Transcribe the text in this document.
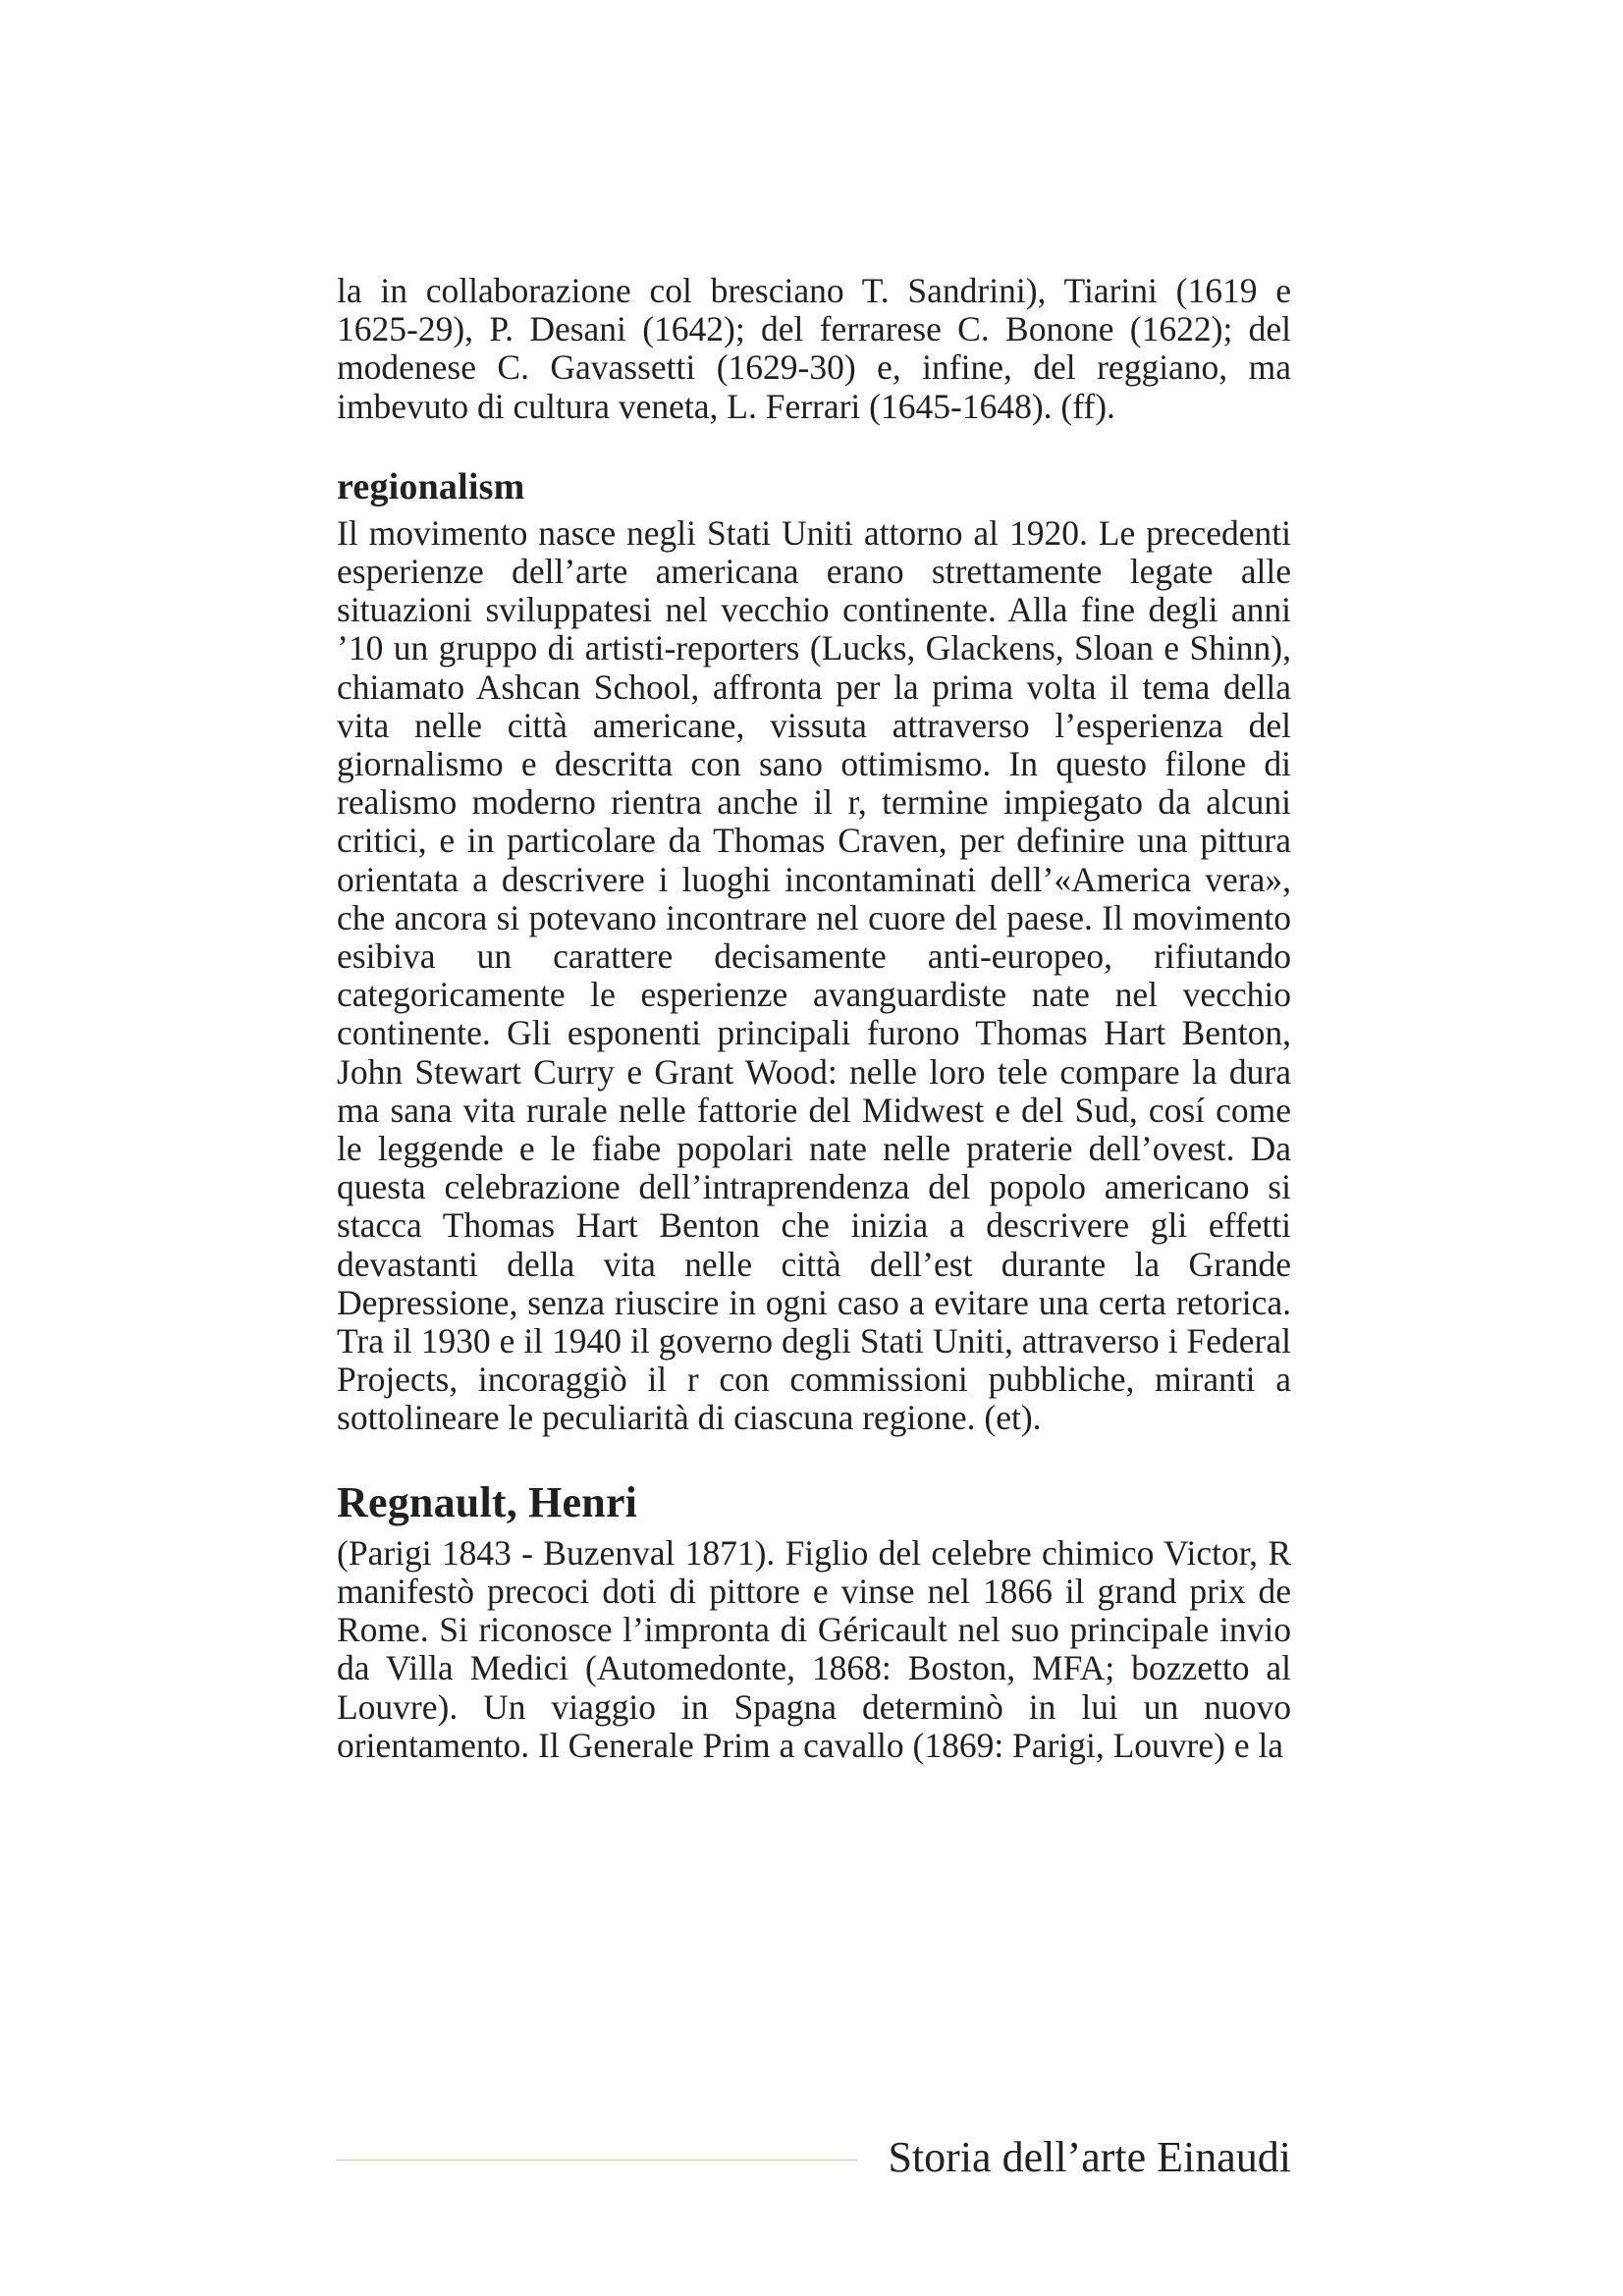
la in collaborazione col bresciano T. Sandrini), Tiarini (1619 e 1625-29), P. Desani (1642); del ferrarese C. Bonone (1622); del modenese C. Gavassetti (1629-30) e, infine, del reggiano, ma imbevuto di cultura veneta, L. Ferrari (1645-1648). (ff).

regionalism

Il movimento nasce negli Stati Uniti attorno al 1920. Le precedenti esperienze dell’arte americana erano strettamente legate alle situazioni sviluppatesi nel vecchio continente. Alla fine degli anni ’10 un gruppo di artisti-reporters (Lucks, Glackens, Sloan e Shinn), chiamato Ashcan School, affronta per la prima volta il tema della vita nelle città americane, vissuta attraverso l’esperienza del giornalismo e descritta con sano ottimismo. In questo filone di realismo moderno rientra anche il r, termine impiegato da alcuni critici, e in particolare da Thomas Craven, per definire una pittura orientata a descrivere i luoghi incontaminati dell’«America vera», che ancora si potevano incontrare nel cuore del paese. Il movimento esibiva un carattere decisamente anti-europeo, rifiutando categoricamente le esperienze avanguardiste nate nel vecchio continente. Gli esponenti principali furono Thomas Hart Benton, John Stewart Curry e Grant Wood: nelle loro tele compare la dura ma sana vita rurale nelle fattorie del Midwest e del Sud, cosí come le leggende e le fiabe popolari nate nelle praterie dell’ovest. Da questa celebrazione dell’intraprendenza del popolo americano si stacca Thomas Hart Benton che inizia a descrivere gli effetti devastanti della vita nelle città dell’est durante la Grande Depressione, senza riuscire in ogni caso a evitare una certa retorica. Tra il 1930 e il 1940 il governo degli Stati Uniti, attraverso i Federal Projects, incoraggiò il r con commissioni pubbliche, miranti a sottolineare le peculiarità di ciascuna regione. (et).

Regnault, Henri

(Parigi 1843 - Buzenval 1871). Figlio del celebre chimico Victor, R manifestò precoci doti di pittore e vinse nel 1866 il grand prix de Rome. Si riconosce l’impronta di Géricault nel suo principale invio da Villa Medici (Automedonte, 1868: Boston, MFA; bozzetto al Louvre). Un viaggio in Spagna determinò in lui un nuovo orientamento. Il Generale Prim a cavallo (1869: Parigi, Louvre) e la

Storia dell’arte Einaudi
